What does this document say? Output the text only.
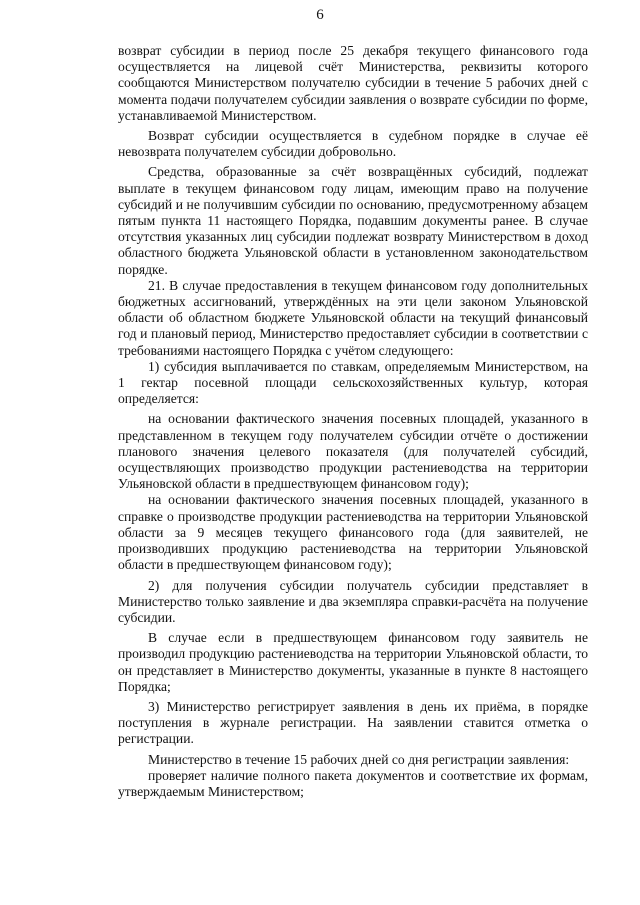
6

возврат субсидии в период после 25 декабря текущего финансового года осуществляется на лицевой счёт Министерства, реквизиты которого сообщаются Министерством получателю субсидии в течение 5 рабочих дней с момента подачи получателем субсидии заявления о возврате субсидии по форме, устанавливаемой Министерством.

Возврат субсидии осуществляется в судебном порядке в случае её невозврата получателем субсидии добровольно.

Средства, образованные за счёт возвращённых субсидий, подлежат выплате в текущем финансовом году лицам, имеющим право на получение субсидий и не получившим субсидии по основанию, предусмотренному абзацем пятым пункта 11 настоящего Порядка, подавшим документы ранее. В случае отсутствия указанных лиц субсидии подлежат возврату Министерством в доход областного бюджета Ульяновской области в установленном законодательством порядке.

21. В случае предоставления в текущем финансовом году дополнительных бюджетных ассигнований, утверждённых на эти цели законом Ульяновской области об областном бюджете Ульяновской области на текущий финансовый год и плановый период, Министерство предоставляет субсидии в соответствии с требованиями настоящего Порядка с учётом следующего:

1) субсидия выплачивается по ставкам, определяемым Министерством, на 1 гектар посевной площади сельскохозяйственных культур, которая определяется:

на основании фактического значения посевных площадей, указанного в представленном в текущем году получателем субсидии отчёте о достижении планового значения целевого показателя (для получателей субсидий, осуществляющих производство продукции растениеводства на территории Ульяновской области в предшествующем финансовом году);

на основании фактического значения посевных площадей, указанного в справке о производстве продукции растениеводства на территории Ульяновской области за 9 месяцев текущего финансового года (для заявителей, не производивших продукцию растениеводства на территории Ульяновской области в предшествующем финансовом году);

2) для получения субсидии получатель субсидии представляет в Министерство только заявление и два экземпляра справки-расчёта на получение субсидии.

В случае если в предшествующем финансовом году заявитель не производил продукцию растениеводства на территории Ульяновской области, то он представляет в Министерство документы, указанные в пункте 8 настоящего Порядка;

3) Министерство регистрирует заявления в день их приёма, в порядке поступления в журнале регистрации. На заявлении ставится отметка о регистрации.

Министерство в течение 15 рабочих дней со дня регистрации заявления:

проверяет наличие полного пакета документов и соответствие их формам, утверждаемым Министерством;
